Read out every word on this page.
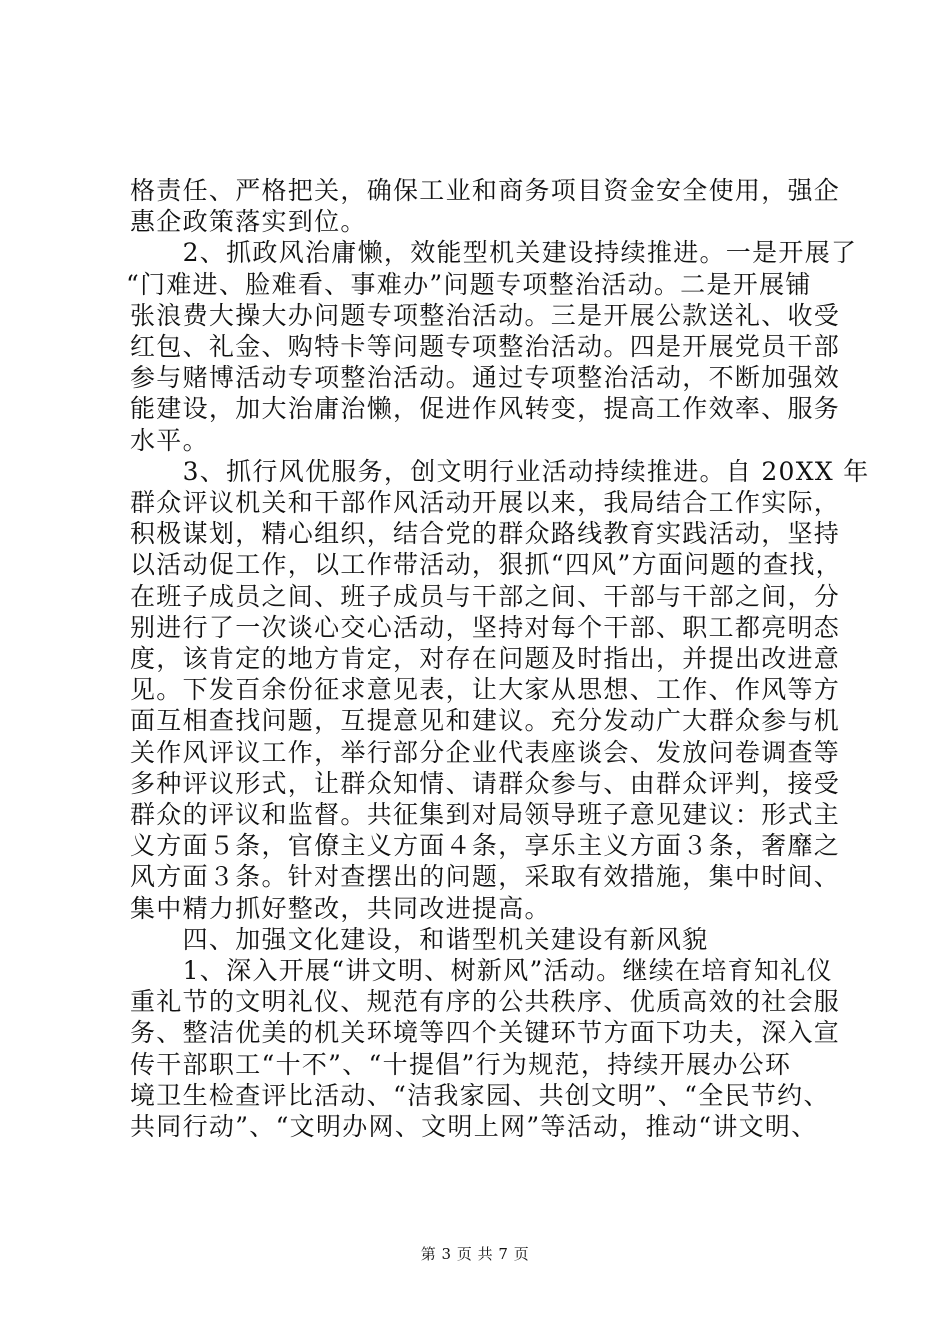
格责任、严格把关，确保工业和商务项目资金安全使用，强企
惠企政策落实到位。
　　2、抓政风治庸懒，效能型机关建设持续推进。一是开展了
“门难进、脸难看、事难办”问题专项整治活动。二是开展铺
张浪费大操大办问题专项整治活动。三是开展公款送礼、收受
红包、礼金、购特卡等问题专项整治活动。四是开展党员干部
参与赌博活动专项整治活动。通过专项整治活动，不断加强效
能建设，加大治庸治懒，促进作风转变，提高工作效率、服务
水平。
　　3、抓行风优服务，创文明行业活动持续推进。自 20XX 年
群众评议机关和干部作风活动开展以来，我局结合工作实际，
积极谋划，精心组织，结合党的群众路线教育实践活动，坚持
以活动促工作，以工作带活动，狠抓“四风”方面问题的查找，
在班子成员之间、班子成员与干部之间、干部与干部之间，分
别进行了一次谈心交心活动，坚持对每个干部、职工都亮明态
度，该肯定的地方肯定，对存在问题及时指出，并提出改进意
见。下发百余份征求意见表，让大家从思想、工作、作风等方
面互相查找问题，互提意见和建议。充分发动广大群众参与机
关作风评议工作，举行部分企业代表座谈会、发放问卷调查等
多种评议形式，让群众知情、请群众参与、由群众评判，接受
群众的评议和监督。共征集到对局领导班子意见建议：形式主
义方面５条，官僚主义方面４条，享乐主义方面３条，奢靡之
风方面３条。针对查摆出的问题，采取有效措施，集中时间、
集中精力抓好整改，共同改进提高。
　　四、加强文化建设，和谐型机关建设有新风貌
　　1、深入开展“讲文明、树新风”活动。继续在培育知礼仪
重礼节的文明礼仪、规范有序的公共秩序、优质高效的社会服
务、整洁优美的机关环境等四个关键环节方面下功夫，深入宣
传干部职工“十不”、“十提倡”行为规范，持续开展办公环
境卫生检查评比活动、“洁我家园、共创文明”、“全民节约、
共同行动”、“文明办网、文明上网”等活动，推动“讲文明、
第 3 页 共 7 页
